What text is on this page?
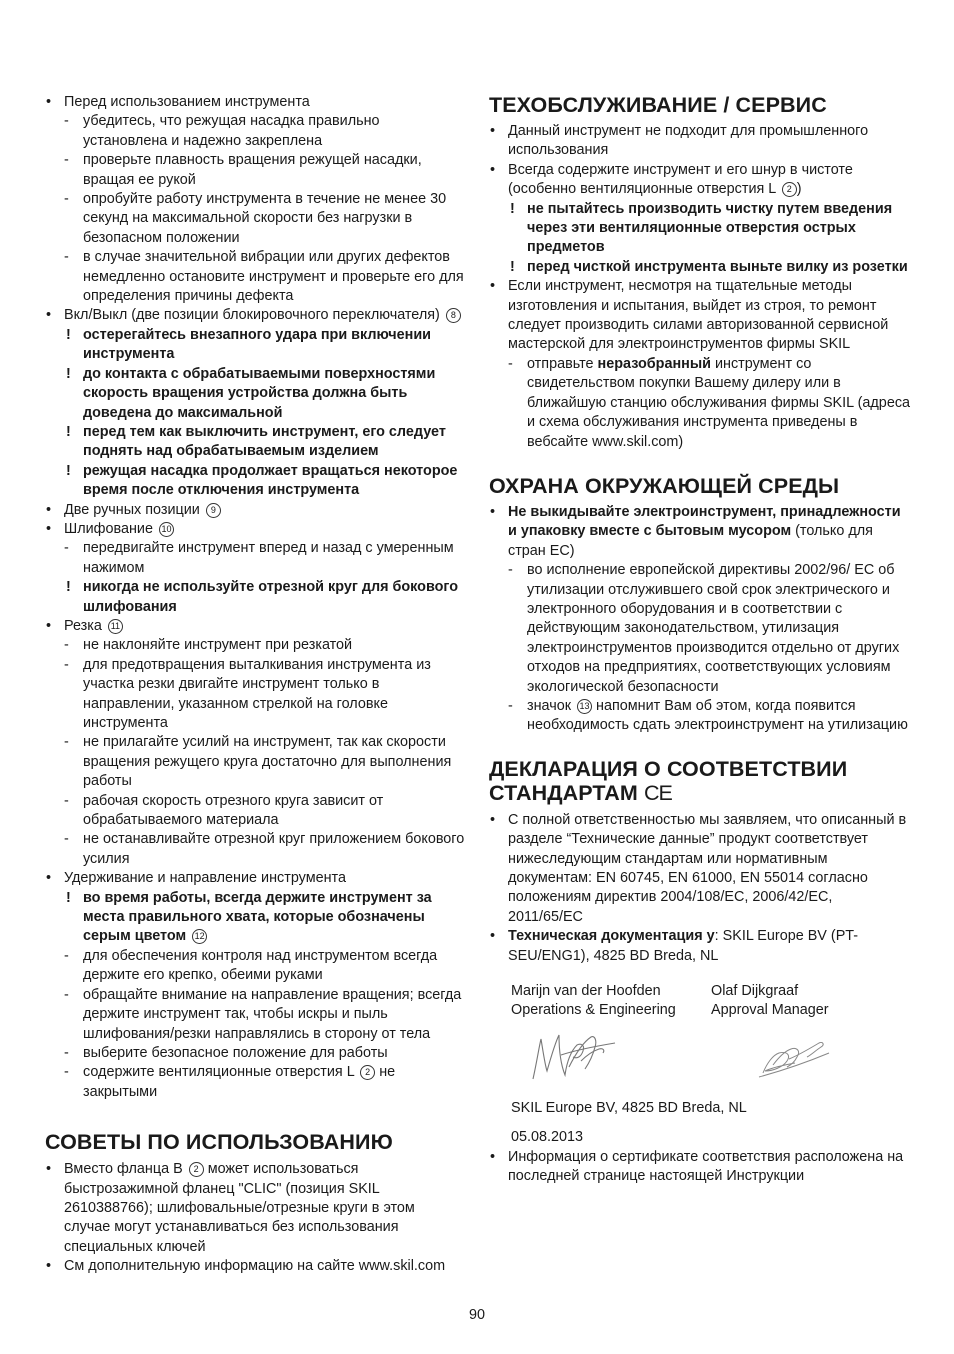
• Перед использованием инструмента
- убедитесь, что режущая насадка правильно установлена и надежно закреплена
- проверьте плавность вращения режущей насадки, вращая ее рукой
- опробуйте работу инструмента в течение не менее 30 секунд на максимальной скорости без нагрузки в безопасном положении
- в случае значительной вибрации или других дефектов немедленно остановите инструмент и проверьте его для определения причины дефекта
• Вкл/Выкл (две позиции блокировочного переключателя) 8
! остерегайтесь внезапного удара при включении инструмента
! до контакта с обрабатываемыми поверхностями скорость вращения устройства должна быть доведена до максимальной
! перед тем как выключить инструмент, его следует поднять над обрабатываемым изделием
! режущая насадка продолжает вращаться некоторое время после отключения инструмента
• Две ручных позиции 9
• Шлифование 10
- передвигайте инструмент вперед и назад с умеренным нажимом
! никогда не используйте отрезной круг для бокового шлифования
• Резка 11
- не наклоняйте инструмент при резкатой
- для предотвращения выталкивания инструмента из участка резки двигайте инструмент только в направлении, указанном стрелкой на головке инструмента
- не прилагайте усилий на инструмент, так как скорости вращения режущего круга достаточно для выполнения работы
- рабочая скорость отрезного круга зависит от обрабатываемого материала
- не останавливайте отрезной круг приложением бокового усилия
• Удерживание и направление инструмента
! во время работы, всегда держите инструмент за места правильного хвата, которые обозначены серым цветом 12
- для обеспечения контроля над инструментом всегда держите его крепко, обеими руками
- обращайте внимание на направление вращения; всегда держите инструмент так, чтобы искры и пыль шлифования/резки направлялись в сторону от тела
- выберите безопасное положение для работы
- содержите вентиляционные отверстия L 2 не закрытыми
СОВЕТЫ ПО ИСПОЛЬЗОВАНИЮ
• Вместо фланца B 2 может использоваться быстрозажимной фланец "CLIC" (позиция SKIL 2610388766); шлифовальные/отрезные круги в этом случае могут устанавливаться без использования специальных ключей
• См дополнительную информацию на сайте www.skil.com
ТЕХОБСЛУЖИВАНИЕ / СЕРВИС
• Данный инструмент не подходит для промышленного использования
• Всегда содержите инструмент и его шнур в чистоте (особенно вентиляционные отверстия L 2 )
! не пытайтесь производить чистку путем введения через эти вентиляционные отверстия острых предметов
! перед чисткой инструмента выньте вилку из розетки
• Если инструмент, несмотря на тщательные методы изготовления и испытания, выйдет из строя, то ремонт следует производить силами авторизованной сервисной мастерской для электроинструментов фирмы SKIL
- отправьте неразобранный инструмент со свидетельством покупки Вашему дилеру или в ближайшую станцию обслуживания фирмы SKIL (адреса и схема обслуживания инструмента приведены в вебсайте www.skil.com)
ОХРАНА ОКРУЖАЮЩЕЙ СРЕДЫ
• Не выкидывайте электроинструмент, принадлежности и упаковку вместе с бытовым мусором (только для стран ЕС)
- во исполнение европейской директивы 2002/96/ ЕС об утилизации отслужившего свой срок электрического и электронного оборудования и в соответствии с действующим законодательством, утилизация электроинструментов производится отдельно от других отходов на предприятиях, соответствующих условиям экологической безопасности
- значок 13 напомнит Вам об этом, когда появится необходимость сдать электроинструмент на утилизацию
ДЕКЛАРАЦИЯ О СООТВЕТСТВИИ
СТАНДАРТАМ CE
• С полной ответственностью мы заявляем, что описанный в разделе “Технические данные” продукт соответствует нижеследующим стандартам или нормативным документам: EN 60745, EN 61000, EN 55014 согласно положениям директив 2004/108/EC, 2006/42/EC, 2011/65/EC
• Техническая документация у: SKIL Europe BV (PT-SEU/ENG1), 4825 BD Breda, NL
Marijn van der Hoofden
Operations & Engineering
Olaf Dijkgraaf
Approval Manager
SKIL Europe BV, 4825 BD Breda, NL
05.08.2013
• Информация о сертификате соответствия расположена на последней странице настоящей Инструкции
90
